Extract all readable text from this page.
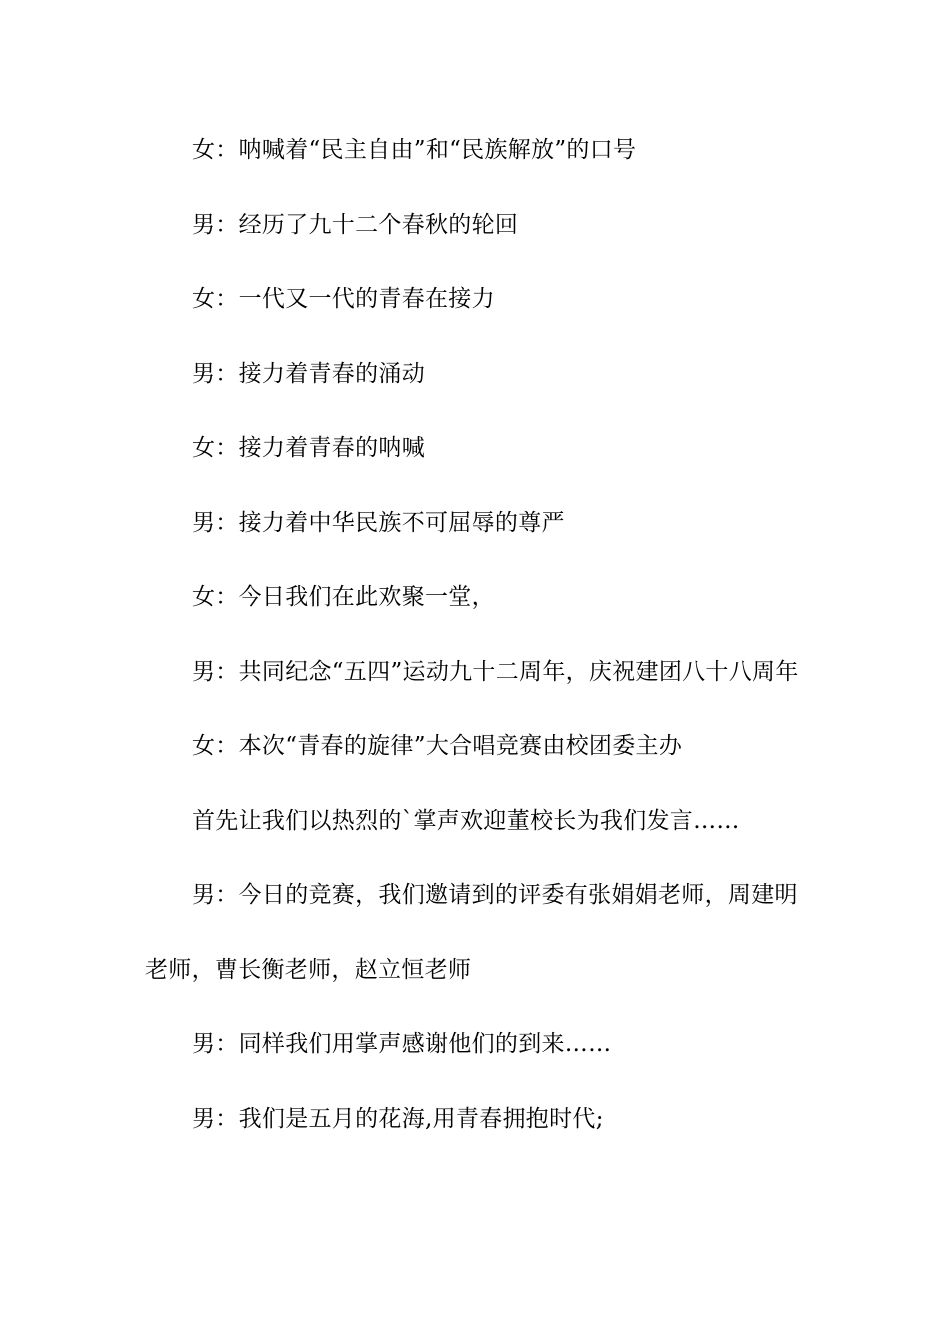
女：呐喊着“民主自由”和“民族解放”的口号

男：经历了九十二个春秋的轮回

女：一代又一代的青春在接力

男：接力着青春的涌动

女：接力着青春的呐喊

男：接力着中华民族不可屈辱的尊严

女：今日我们在此欢聚一堂，

男：共同纪念“五四”运动九十二周年，庆祝建团八十八周年

女：本次“青春的旋律”大合唱竞赛由校团委主办

首先让我们以热烈的`掌声欢迎董校长为我们发言……

男：今日的竞赛，我们邀请到的评委有张娟娟老师，周建明老师，曹长衡老师，赵立恒老师

男：同样我们用掌声感谢他们的到来……

男：我们是五月的花海,用青春拥抱时代;
